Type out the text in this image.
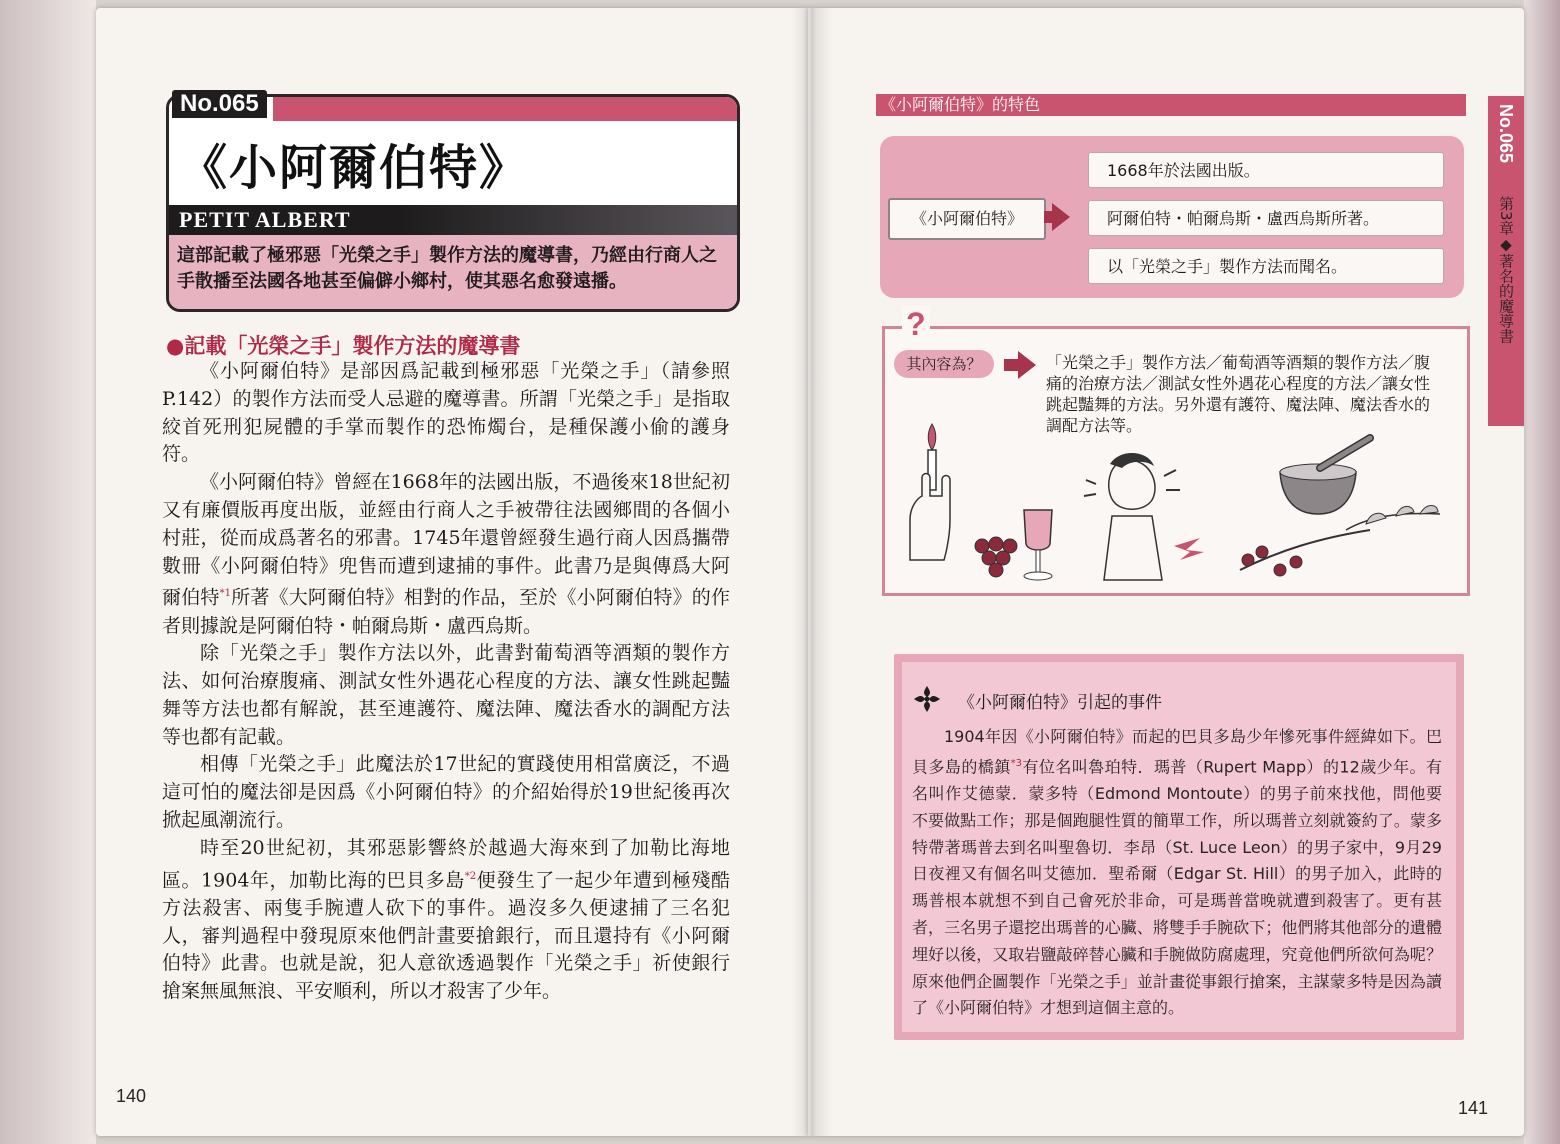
《小阿爾伯特》
PETIT ALBERT
這部記載了極邪惡「光榮之手」製作方法的魔導書，乃經由行商人之手散播至法國各地甚至偏僻小鄉村，使其惡名愈發遠播。
No.065
●記載「光榮之手」製作方法的魔導書

《小阿爾伯特》是部因爲記載到極邪惡「光榮之手」（請參照P.142）的製作方法而受人忌避的魔導書。所謂「光榮之手」是指取絞首死刑犯屍體的手掌而製作的恐怖燭台，是種保護小偷的護身符。

《小阿爾伯特》曾經在1668年的法國出版，不過後來18世紀初又有廉價版再度出版，並經由行商人之手被帶往法國鄉間的各個小村莊，從而成爲著名的邪書。1745年還曾經發生過行商人因爲攜帶數冊《小阿爾伯特》兜售而遭到逮捕的事件。此書乃是與傳爲大阿爾伯特$^{*1}$所著《大阿爾伯特》相對的作品，至於《小阿爾伯特》的作者則據說是阿爾伯特・帕爾烏斯・盧西烏斯。

除「光榮之手」製作方法以外，此書對葡萄酒等酒類的製作方法、如何治療腹痛、測試女性外遇花心程度的方法、讓女性跳起豔舞等方法也都有解說，甚至連護符、魔法陣、魔法香水的調配方法等也都有記載。

相傳「光榮之手」此魔法於17世紀的實踐使用相當廣泛，不過這可怕的魔法卻是因爲《小阿爾伯特》的介紹始得於19世紀後再次掀起風潮流行。

時至20世紀初，其邪惡影響終於越過大海來到了加勒比海地區。1904年，加勒比海的巴貝多島$^{*2}$便發生了一起少年遭到極殘酷方法殺害、兩隻手腕遭人砍下的事件。過沒多久便逮捕了三名犯人，審判過程中發現原來他們計畫要搶銀行，而且還持有《小阿爾伯特》此書。也就是說，犯人意欲透過製作「光榮之手」祈使銀行搶案無風無浪、平安順利，所以才殺害了少年。

140
《小阿爾伯特》的特色
《小阿爾伯特》
1668年於法國出版。
阿爾伯特・帕爾烏斯・盧西烏斯所著。
以「光榮之手」製作方法而聞名。
?
其內容為？	「光榮之手」製作方法／葡萄酒等酒類的製作方法／腹痛的治療方法／測試女性外遇花心程度的方法／讓女性跳起豔舞的方法。另外還有護符、魔法陣、魔法香水的調配方法等。
《小阿爾伯特》引起的事件

1904年因《小阿爾伯特》而起的巴貝多島少年慘死事件經緯如下。巴貝多島的橋鎮$^{*3}$有位名叫魯珀特．瑪普（Rupert Mapp）的12歲少年。有名叫作艾德蒙．蒙多特（Edmond Montoute）的男子前來找他，問他要不要做點工作；那是個跑腿性質的簡單工作，所以瑪普立刻就簽約了。蒙多特帶著瑪普去到名叫聖魯切．李昂（St. Luce Leon）的男子家中，9月29日夜裡又有個名叫艾德加．聖希爾（Edgar St. Hill）的男子加入，此時的瑪普根本就想不到自己會死於非命，可是瑪普當晚就遭到殺害了。更有甚者，三名男子還挖出瑪普的心臟、將雙手手腕砍下；他們將其他部分的遺體埋好以後，又取岩鹽敲碎替心臟和手腕做防腐處理，究竟他們所欲何為呢？原來他們企圖製作「光榮之手」並計畫從事銀行搶案，主謀蒙多特是因為讀了《小阿爾伯特》才想到這個主意的。

No.065
第3章◆著名的魔導書
141
